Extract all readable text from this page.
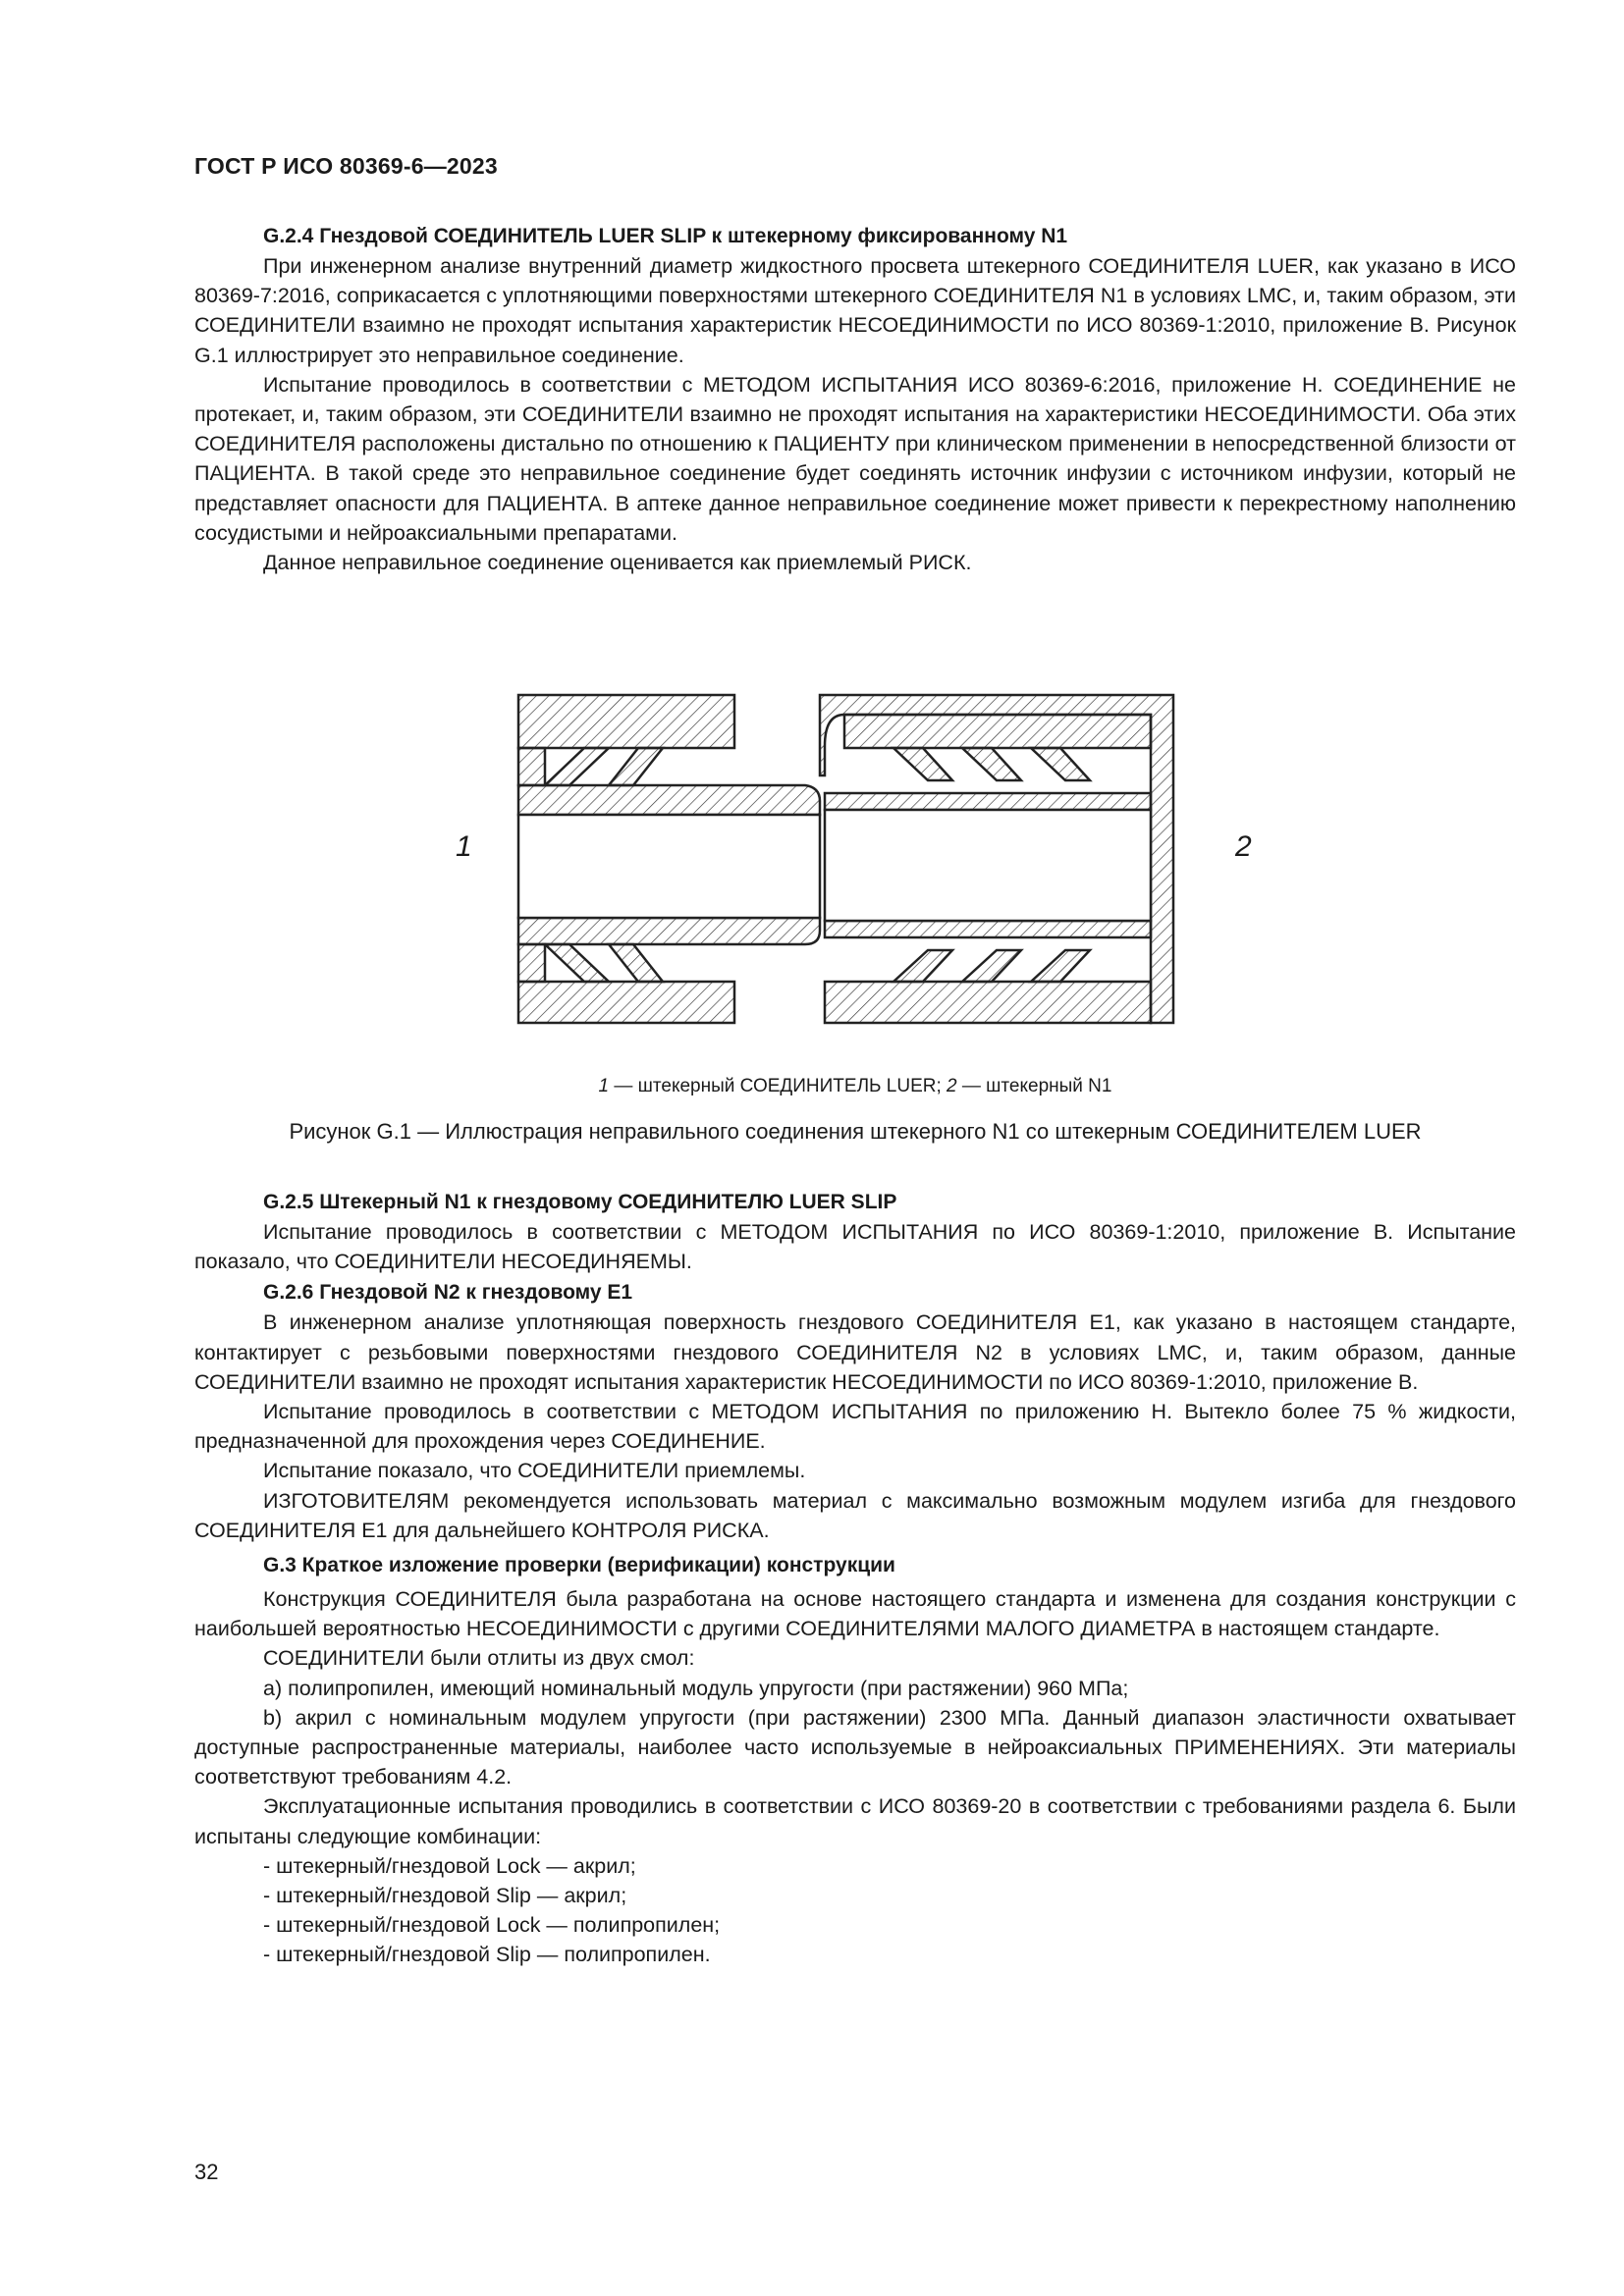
ГОСТ Р ИСО 80369-6—2023

G.2.4 Гнездовой СОЕДИНИТЕЛЬ LUER SLIP к штекерному фиксированному N1

При инженерном анализе внутренний диаметр жидкостного просвета штекерного СОЕДИНИТЕЛЯ LUER, как указано в ИСО 80369-7:2016, соприкасается с уплотняющими поверхностями штекерного СОЕДИНИТЕЛЯ N1 в условиях LMC, и, таким образом, эти СОЕДИНИТЕЛИ взаимно не проходят испытания характеристик НЕСОЕДИНИМОСТИ по ИСО 80369-1:2010, приложение В. Рисунок G.1 иллюстрирует это неправильное соединение.

Испытание проводилось в соответствии с МЕТОДОМ ИСПЫТАНИЯ ИСО 80369-6:2016, приложение Н. СОЕДИНЕНИЕ не протекает, и, таким образом, эти СОЕДИНИТЕЛИ взаимно не проходят испытания на характеристики НЕСОЕДИНИМОСТИ. Оба этих СОЕДИНИТЕЛЯ расположены дистально по отношению к ПАЦИЕНТУ при клиническом применении в непосредственной близости от ПАЦИЕНТА. В такой среде это неправильное соединение будет соединять источник инфузии с источником инфузии, который не представляет опасности для ПАЦИЕНТА. В аптеке данное неправильное соединение может привести к перекрестному наполнению сосудистыми и нейроаксиальными препаратами.

Данное неправильное соединение оценивается как приемлемый РИСК.

1	2
1 — штекерный СОЕДИНИТЕЛЬ LUER; 2 — штекерный N1
Рисунок G.1 — Иллюстрация неправильного соединения штекерного N1 со штекерным СОЕДИНИТЕЛЕМ LUER

G.2.5 Штекерный N1 к гнездовому СОЕДИНИТЕЛЮ LUER SLIP

Испытание проводилось в соответствии с МЕТОДОМ ИСПЫТАНИЯ по ИСО 80369-1:2010, приложение В. Испытание показало, что СОЕДИНИТЕЛИ НЕСОЕДИНЯЕМЫ.

G.2.6 Гнездовой N2 к гнездовому Е1

В инженерном анализе уплотняющая поверхность гнездового СОЕДИНИТЕЛЯ Е1, как указано в настоящем стандарте, контактирует с резьбовыми поверхностями гнездового СОЕДИНИТЕЛЯ N2 в условиях LMC, и, таким образом, данные СОЕДИНИТЕЛИ взаимно не проходят испытания характеристик НЕСОЕДИНИМОСТИ по ИСО 80369-1:2010, приложение В.

Испытание проводилось в соответствии с МЕТОДОМ ИСПЫТАНИЯ по приложению Н. Вытекло более 75 % жидкости, предназначенной для прохождения через СОЕДИНЕНИЕ.

Испытание показало, что СОЕДИНИТЕЛИ приемлемы.

ИЗГОТОВИТЕЛЯМ рекомендуется использовать материал с максимально возможным модулем изгиба для гнездового СОЕДИНИТЕЛЯ Е1 для дальнейшего КОНТРОЛЯ РИСКА.

G.3 Краткое изложение проверки (верификации) конструкции

Конструкция СОЕДИНИТЕЛЯ была разработана на основе настоящего стандарта и изменена для создания конструкции с наибольшей вероятностью НЕСОЕДИНИМОСТИ с другими СОЕДИНИТЕЛЯМИ МАЛОГО ДИАМЕТРА в настоящем стандарте.

СОЕДИНИТЕЛИ были отлиты из двух смол:

a) полипропилен, имеющий номинальный модуль упругости (при растяжении) 960 МПа;

b) акрил с номинальным модулем упругости (при растяжении) 2300 МПа. Данный диапазон эластичности охватывает доступные распространенные материалы, наиболее часто используемые в нейроаксиальных ПРИМЕНЕНИЯХ. Эти материалы соответствуют требованиям 4.2.

Эксплуатационные испытания проводились в соответствии с ИСО 80369-20 в соответствии с требованиями раздела 6. Были испытаны следующие комбинации:

- штекерный/гнездовой Lock — акрил;

- штекерный/гнездовой Slip — акрил;

- штекерный/гнездовой Lock — полипропилен;

- штекерный/гнездовой Slip — полипропилен.

32
